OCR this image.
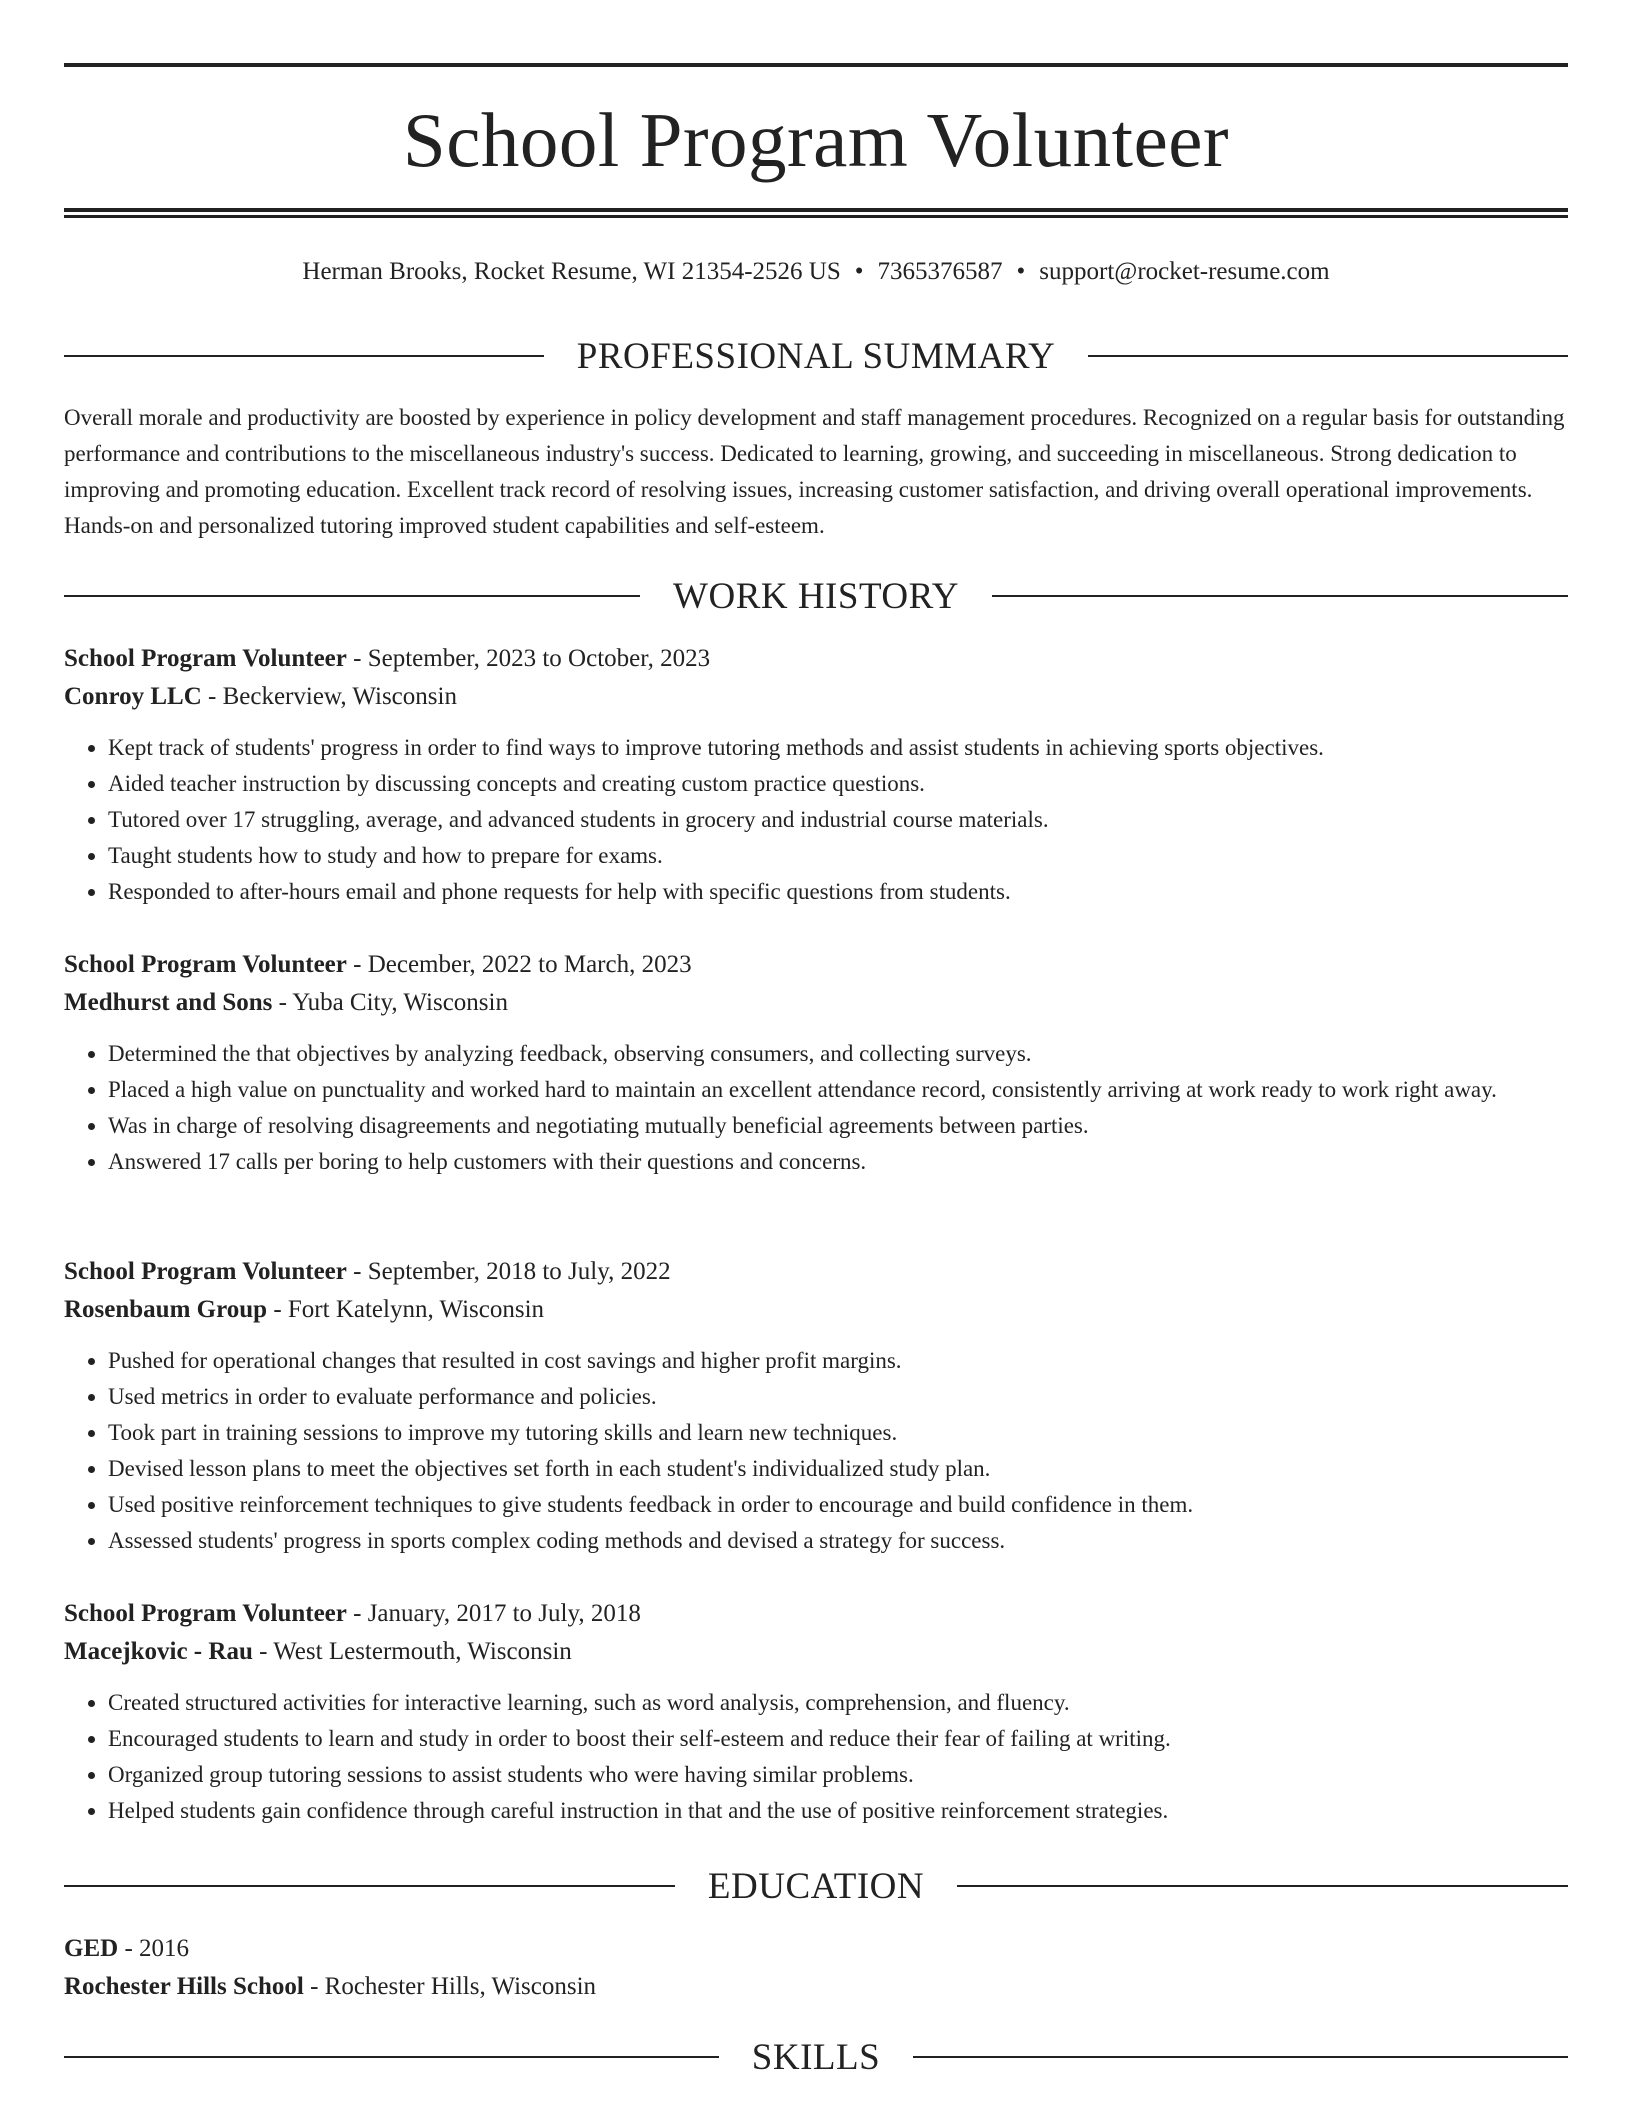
School Program Volunteer
Herman Brooks, Rocket Resume, WI 21354-2526 US • 7365376587 • support@rocket-resume.com
PROFESSIONAL SUMMARY
Overall morale and productivity are boosted by experience in policy development and staff management procedures. Recognized on a regular basis for outstanding performance and contributions to the miscellaneous industry's success. Dedicated to learning, growing, and succeeding in miscellaneous. Strong dedication to improving and promoting education. Excellent track record of resolving issues, increasing customer satisfaction, and driving overall operational improvements. Hands-on and personalized tutoring improved student capabilities and self-esteem.
WORK HISTORY
School Program Volunteer - September, 2023 to October, 2023
Conroy LLC - Beckerview, Wisconsin
• Kept track of students' progress in order to find ways to improve tutoring methods and assist students in achieving sports objectives.
• Aided teacher instruction by discussing concepts and creating custom practice questions.
• Tutored over 17 struggling, average, and advanced students in grocery and industrial course materials.
• Taught students how to study and how to prepare for exams.
• Responded to after-hours email and phone requests for help with specific questions from students.
School Program Volunteer - December, 2022 to March, 2023
Medhurst and Sons - Yuba City, Wisconsin
• Determined the that objectives by analyzing feedback, observing consumers, and collecting surveys.
• Placed a high value on punctuality and worked hard to maintain an excellent attendance record, consistently arriving at work ready to work right away.
• Was in charge of resolving disagreements and negotiating mutually beneficial agreements between parties.
• Answered 17 calls per boring to help customers with their questions and concerns.
School Program Volunteer - September, 2018 to July, 2022
Rosenbaum Group - Fort Katelynn, Wisconsin
• Pushed for operational changes that resulted in cost savings and higher profit margins.
• Used metrics in order to evaluate performance and policies.
• Took part in training sessions to improve my tutoring skills and learn new techniques.
• Devised lesson plans to meet the objectives set forth in each student's individualized study plan.
• Used positive reinforcement techniques to give students feedback in order to encourage and build confidence in them.
• Assessed students' progress in sports complex coding methods and devised a strategy for success.
School Program Volunteer - January, 2017 to July, 2018
Macejkovic - Rau - West Lestermouth, Wisconsin
• Created structured activities for interactive learning, such as word analysis, comprehension, and fluency.
• Encouraged students to learn and study in order to boost their self-esteem and reduce their fear of failing at writing.
• Organized group tutoring sessions to assist students who were having similar problems.
• Helped students gain confidence through careful instruction in that and the use of positive reinforcement strategies.
EDUCATION
GED - 2016
Rochester Hills School - Rochester Hills, Wisconsin
SKILLS
